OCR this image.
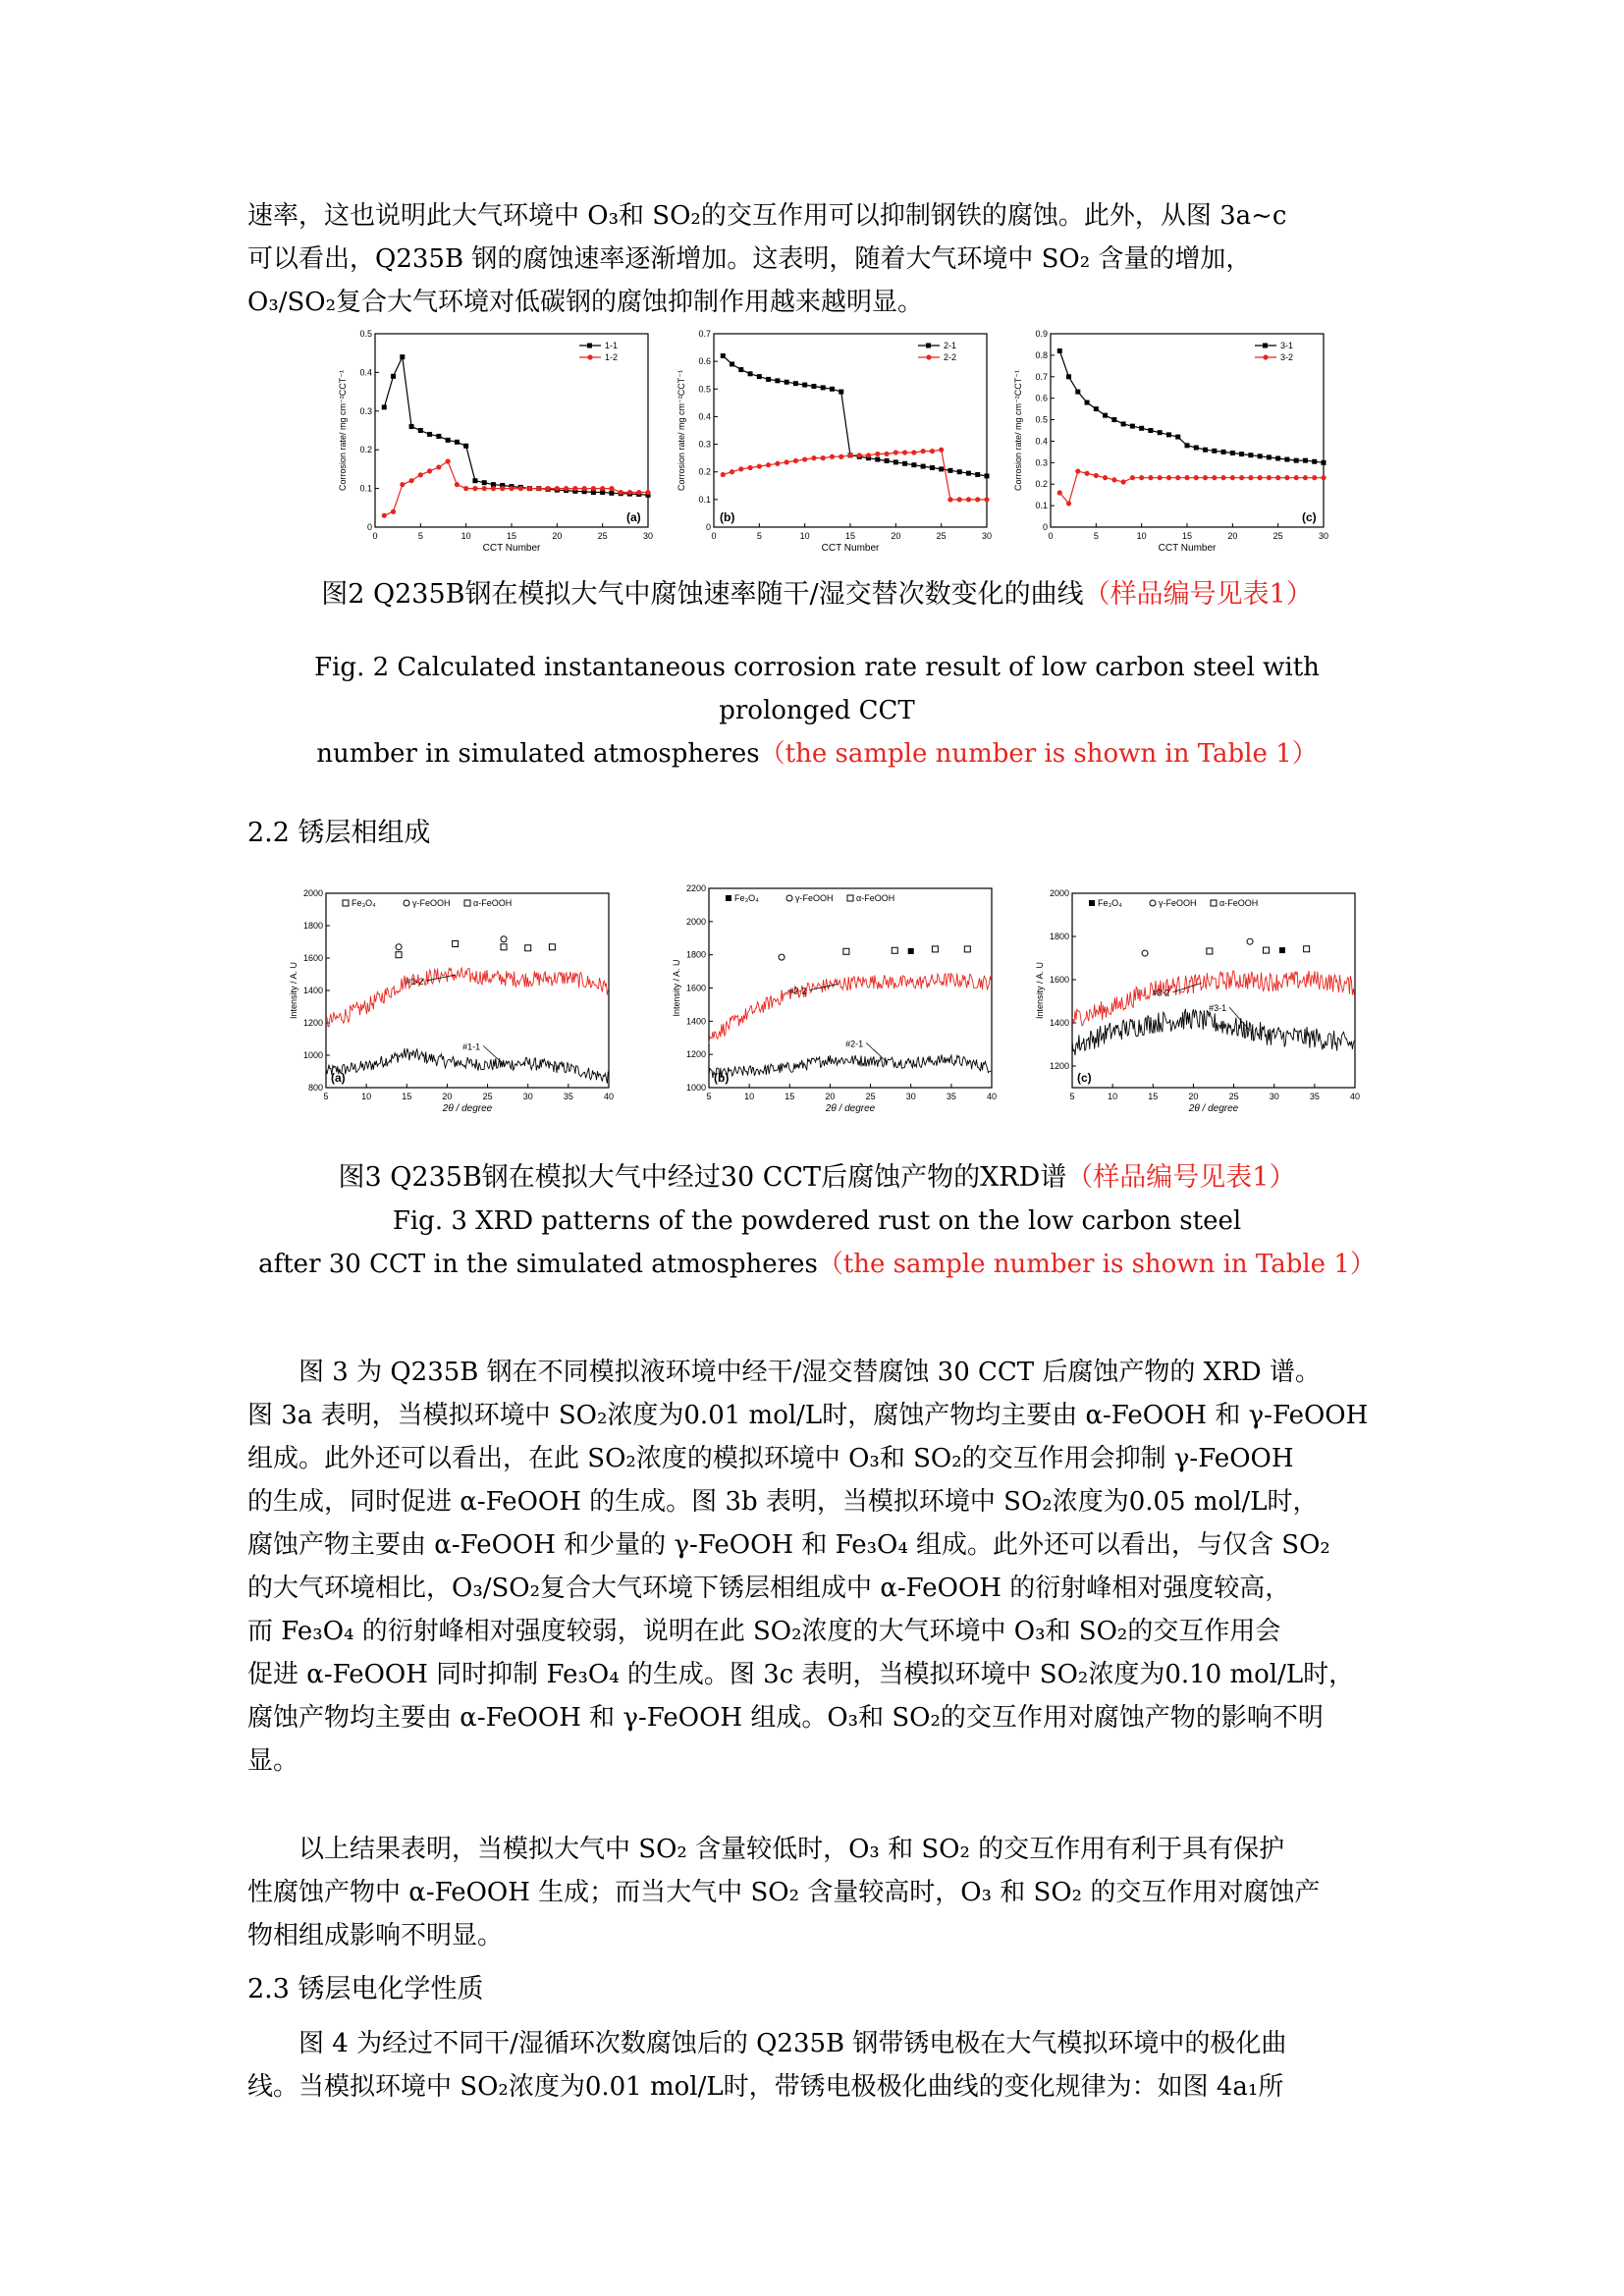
速率，这也说明此大气环境中 O₃和 SO₂的交互作用可以抑制钢铁的腐蚀。此外，从图 3a~c

可以看出，Q235B 钢的腐蚀速率逐渐增加。这表明，随着大气环境中 SO₂ 含量的增加，

O₃/SO₂复合大气环境对低碳钢的腐蚀抑制作用越来越明显。

0	5	10	15	20	25	30
0
0.1
0.2
0.3
0.4
0.5
CCT Number
Corrosion rate/ mg cm⁻²CCT⁻¹
(a)
1-1
1-2
0	5	10	15	20	25	30
0
0.1
0.2
0.3
0.4
0.5
0.6
0.7
CCT Number
Corrosion rate/ mg cm⁻²CCT⁻¹
(b)
2-1
2-2
0	5	10	15	20	25	30
0
0.1
0.2
0.3
0.4
0.5
0.6
0.7
0.8
0.9
CCT Number
Corrosion rate/ mg cm⁻²CCT⁻¹
(c)
3-1
3-2
图2 Q235B钢在模拟大气中腐蚀速率随干/湿交替次数变化的曲线（样品编号见表1）
Fig. 2 Calculated instantaneous corrosion rate result of low carbon steel with prolonged CCT
number in simulated atmospheres（the sample number is shown in Table 1）
2.2 锈层相组成
5	10	15	20	25	30	35	40
800
1000
1200
1400
1600
1800
2000
2θ / degree
Intensity / A. U
(a)
Fe₃O₄	γ-FeOOH	α-FeOOH
#1-1
#1-2
5	10	15	20	25	30	35	40
1000
1200
1400
1600
1800
2000
2200
2θ / degree
Intensity / A. U
(b)
Fe₃O₄	γ-FeOOH	α-FeOOH
#2-1
#2-2
5	10	15	20	25	30	35	40
1200
1400
1600
1800
2000
2θ / degree
Intensity / A. U
(c)
Fe₃O₄	γ-FeOOH	α-FeOOH
#3-1
#3-2
图3 Q235B钢在模拟大气中经过30 CCT后腐蚀产物的XRD谱（样品编号见表1）
Fig. 3 XRD patterns of the powdered rust on the low carbon steel
after 30 CCT in the simulated atmospheres（the sample number is shown in Table 1）

图 3 为 Q235B 钢在不同模拟液环境中经干/湿交替腐蚀 30 CCT 后腐蚀产物的 XRD 谱。

图 3a 表明，当模拟环境中 SO₂浓度为0.01 mol/L时，腐蚀产物均主要由 α-FeOOH 和 γ-FeOOH

组成。此外还可以看出，在此 SO₂浓度的模拟环境中 O₃和 SO₂的交互作用会抑制 γ-FeOOH

的生成，同时促进 α-FeOOH 的生成。图 3b 表明，当模拟环境中 SO₂浓度为0.05 mol/L时，

腐蚀产物主要由 α-FeOOH 和少量的 γ-FeOOH 和 Fe₃O₄ 组成。此外还可以看出，与仅含 SO₂

的大气环境相比，O₃/SO₂复合大气环境下锈层相组成中 α-FeOOH 的衍射峰相对强度较高，

而 Fe₃O₄ 的衍射峰相对强度较弱，说明在此 SO₂浓度的大气环境中 O₃和 SO₂的交互作用会

促进 α-FeOOH 同时抑制 Fe₃O₄ 的生成。图 3c 表明，当模拟环境中 SO₂浓度为0.10 mol/L时，

腐蚀产物均主要由 α-FeOOH 和 γ-FeOOH 组成。O₃和 SO₂的交互作用对腐蚀产物的影响不明

显。

以上结果表明，当模拟大气中 SO₂ 含量较低时，O₃ 和 SO₂ 的交互作用有利于具有保护

性腐蚀产物中 α-FeOOH 生成；而当大气中 SO₂ 含量较高时，O₃ 和 SO₂ 的交互作用对腐蚀产

物相组成影响不明显。

2.3 锈层电化学性质

图 4 为经过不同干/湿循环次数腐蚀后的 Q235B 钢带锈电极在大气模拟环境中的极化曲

线。当模拟环境中 SO₂浓度为0.01 mol/L时，带锈电极极化曲线的变化规律为：如图 4a₁所
